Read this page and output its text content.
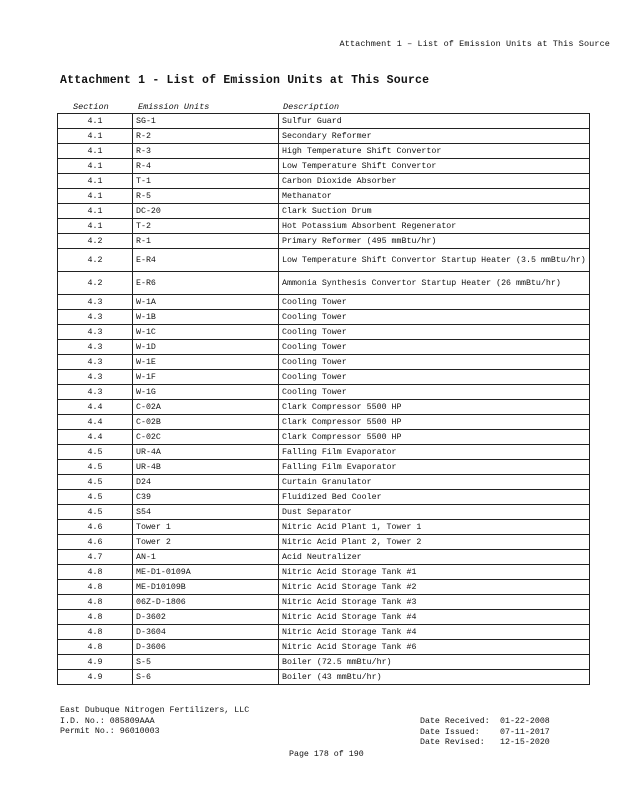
Attachment 1 – List of Emission Units at This Source
Attachment 1 - List of Emission Units at This Source
Section	Emission Units	Description
4.1	SG-1	Sulfur Guard
4.1	R-2	Secondary Reformer
4.1	R-3	High Temperature Shift Convertor
4.1	R-4	Low Temperature Shift Convertor
4.1	T-1	Carbon Dioxide Absorber
4.1	R-5	Methanator
4.1	DC-20	Clark Suction Drum
4.1	T-2	Hot Potassium Absorbent Regenerator
4.2	R-1	Primary Reformer (495 mmBtu/hr)
4.2	E-R4	Low Temperature Shift Convertor Startup Heater (3.5 mmBtu/hr)
4.2	E-R6	Ammonia Synthesis Convertor Startup Heater (26 mmBtu/hr)
4.3	W-1A	Cooling Tower
4.3	W-1B	Cooling Tower
4.3	W-1C	Cooling Tower
4.3	W-1D	Cooling Tower
4.3	W-1E	Cooling Tower
4.3	W-1F	Cooling Tower
4.3	W-1G	Cooling Tower
4.4	C-02A	Clark Compressor 5500 HP
4.4	C-02B	Clark Compressor 5500 HP
4.4	C-02C	Clark Compressor 5500 HP
4.5	UR-4A	Falling Film Evaporator
4.5	UR-4B	Falling Film Evaporator
4.5	D24	Curtain Granulator
4.5	C39	Fluidized Bed Cooler
4.5	S54	Dust Separator
4.6	Tower 1	Nitric Acid Plant 1, Tower 1
4.6	Tower 2	Nitric Acid Plant 2, Tower 2
4.7	AN-1	Acid Neutralizer
4.8	ME-D1-0109A	Nitric Acid Storage Tank #1
4.8	ME-D10109B	Nitric Acid Storage Tank #2
4.8	06Z-D-1806	Nitric Acid Storage Tank #3
4.8	D-3602	Nitric Acid Storage Tank #4
4.8	D-3604	Nitric Acid Storage Tank #4
4.8	D-3606	Nitric Acid Storage Tank #6
4.9	S-5	Boiler (72.5 mmBtu/hr)
4.9	S-6	Boiler (43 mmBtu/hr)
East Dubuque Nitrogen Fertilizers, LLC
I.D. No.: 085809AAA
Permit No.: 96010003
Date Received: 01-22-2008
Date Issued: 07-11-2017
Date Revised: 12-15-2020
Page 178 of 190
